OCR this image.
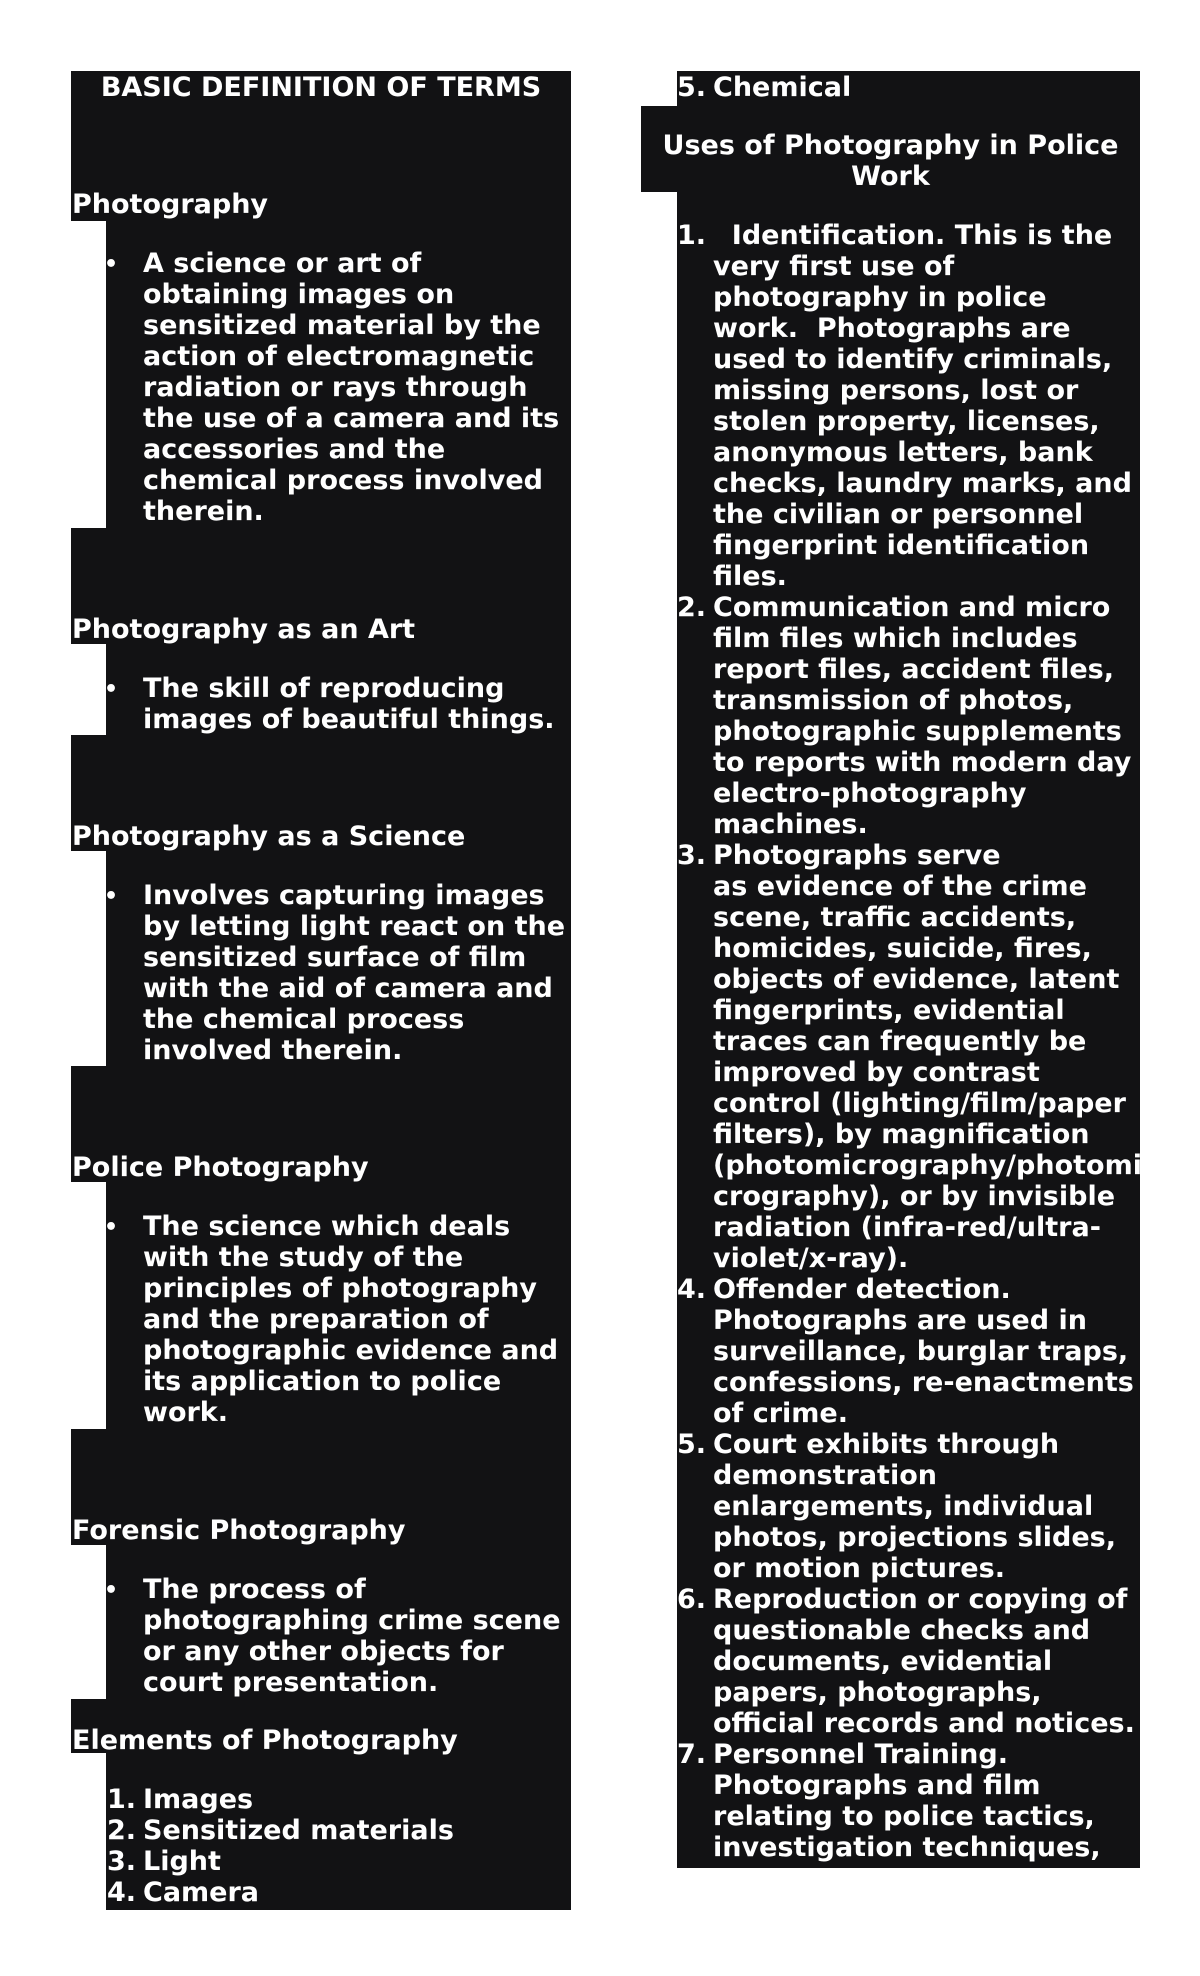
BASIC DEFINITION OF TERMS
Photography
• A science or art of
obtaining images on
sensitized material by the
action of electromagnetic
radiation or rays through
the use of a camera and its
accessories and the
chemical process involved
therein.
Photography as an Art
• The skill of reproducing
images of beautiful things.
Photography as a Science
• Involves capturing images
by letting light react on the
sensitized surface of film
with the aid of camera and
the chemical process
involved therein.
Police Photography
• The science which deals
with the study of the
principles of photography
and the preparation of
photographic evidence and
its application to police
work.
Forensic Photography
• The process of
photographing crime scene
or any other objects for
court presentation.
Elements of Photography
1. Images
2. Sensitized materials
3. Light
4. Camera
5. Chemical
Uses of Photography in Police
Work
1. Identification. This is the
very first use of
photography in police
work.  Photographs are
used to identify criminals,
missing persons, lost or
stolen property, licenses,
anonymous letters, bank
checks, laundry marks, and
the civilian or personnel
fingerprint identification
files.
2. Communication and micro
film files which includes
report files, accident files,
transmission of photos,
photographic supplements
to reports with modern day
electro-photography
machines.
3. Photographs serve
as evidence of the crime
scene, traffic accidents,
homicides, suicide, fires,
objects of evidence, latent
fingerprints, evidential
traces can frequently be
improved by contrast
control (lighting/film/paper
filters), by magnification
(photomicrography/photomi
crography), or by invisible
radiation (infra-red/ultra-
violet/x-ray).
4. Offender detection.
Photographs are used in
surveillance, burglar traps,
confessions, re-enactments
of crime.
5. Court exhibits through
demonstration
enlargements, individual
photos, projections slides,
or motion pictures.
6. Reproduction or copying of
questionable checks and
documents, evidential
papers, photographs,
official records and notices.
7. Personnel Training.
Photographs and film
relating to police tactics,
investigation techniques,
